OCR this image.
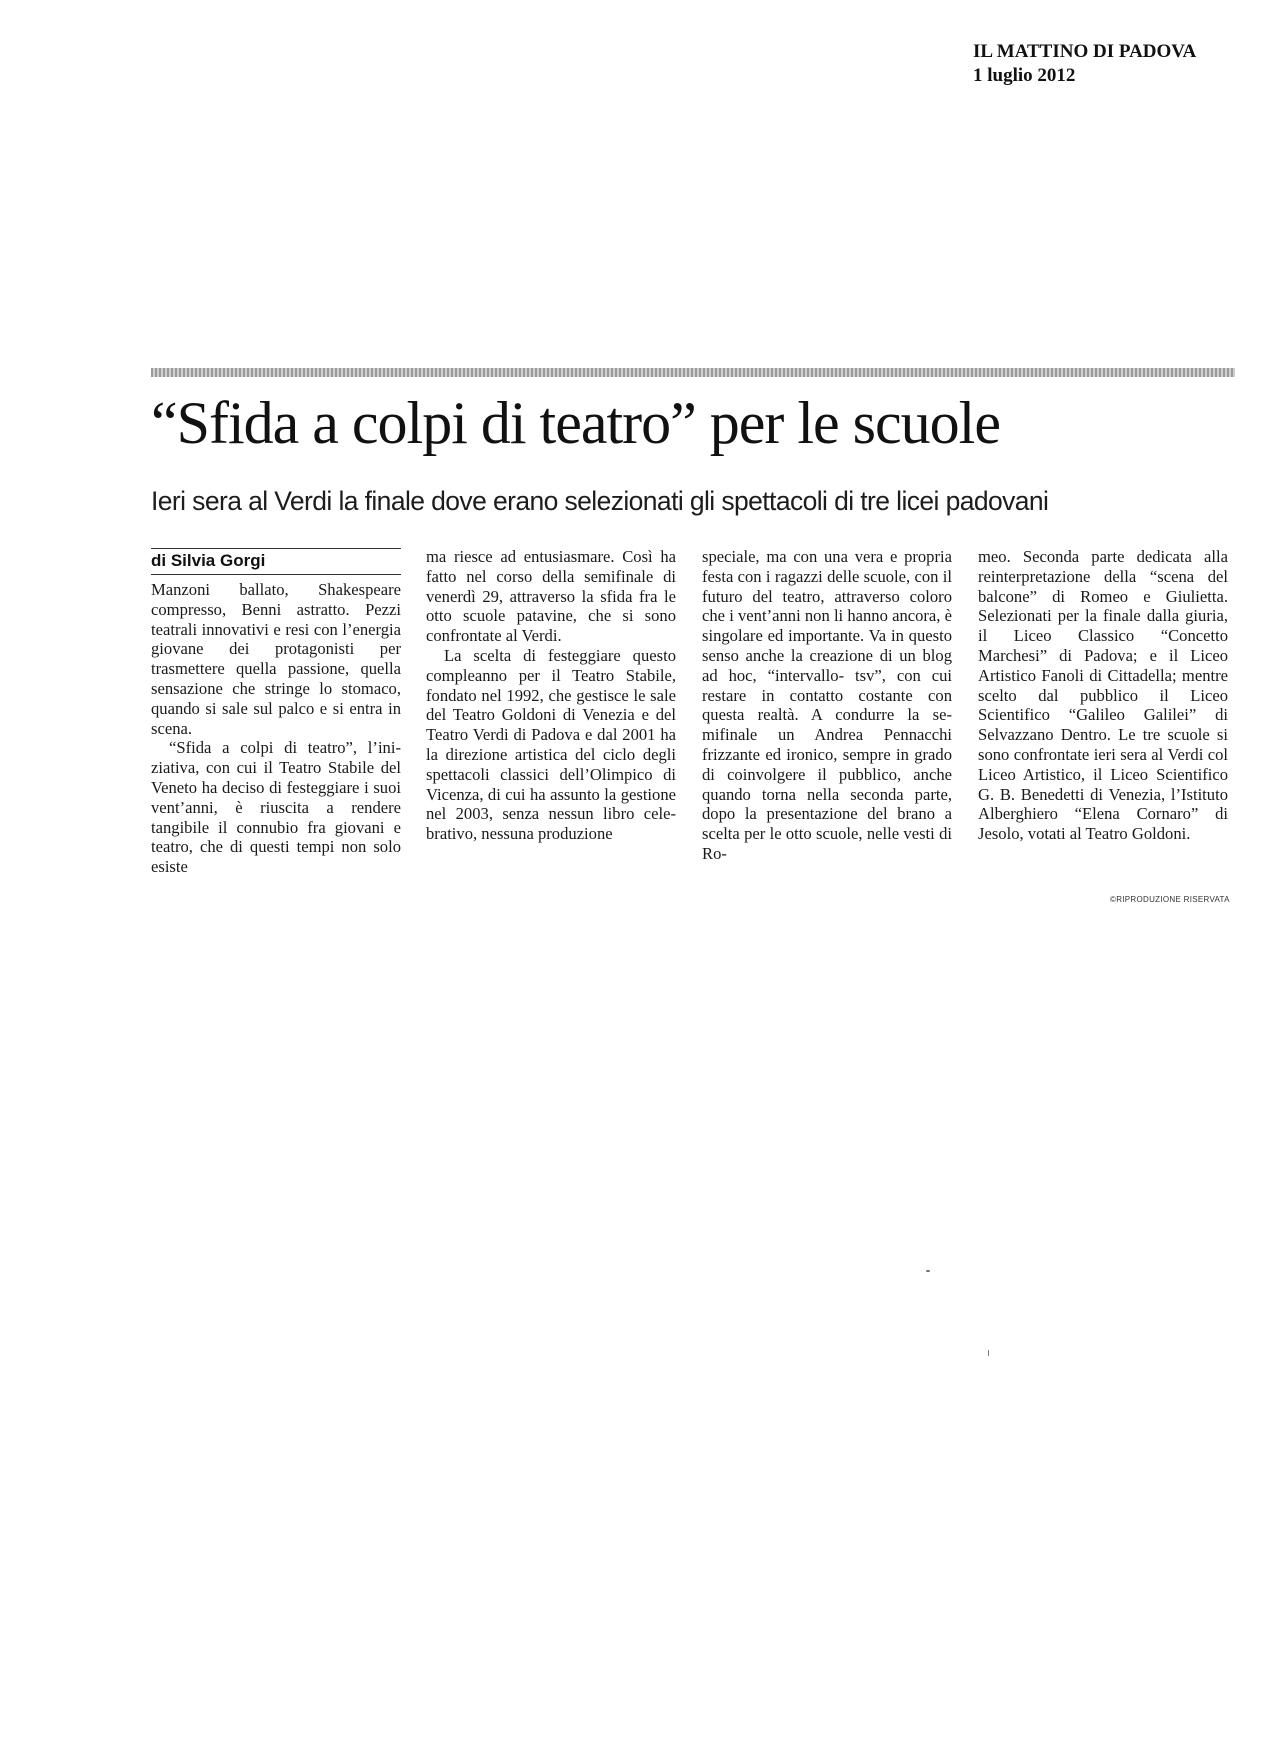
IL MATTINO DI PADOVA
1 luglio 2012
“Sfida a colpi di teatro” per le scuole
Ieri sera al Verdi la finale dove erano selezionati gli spettacoli di tre licei padovani
di Silvia Gorgi

Manzoni ballato, Shakespeare compresso, Benni astratto. Pezzi teatrali innovativi e resi con l’energia giovane dei protagonisti per trasmettere quella passione, quella sensazione che stringe lo stomaco, quando si sale sul palco e si entra in scena.

“Sfida a colpi di teatro”, l’iniziativa, con cui il Teatro Stabile del Veneto ha deciso di festeggiare i suoi vent’anni, è riuscita a rendere tangibile il connubio fra giovani e teatro, che di questi tempi non solo esiste

ma riesce ad entusiasmare. Così ha fatto nel corso della semifinale di venerdì 29, attraverso la sfida fra le otto scuole patavine, che si sono confrontate al Verdi.

La scelta di festeggiare questo compleanno per il Teatro Stabile, fondato nel 1992, che gestisce le sale del Teatro Goldoni di Venezia e del Teatro Verdi di Padova e dal 2001 ha la direzione artistica del ciclo degli spettacoli classici dell’Olimpico di Vicenza, di cui ha assunto la gestione nel 2003, senza nessun libro celebrativo, nessuna produzione

speciale, ma con una vera e propria festa con i ragazzi delle scuole, con il futuro del teatro, attraverso coloro che i vent’anni non li hanno ancora, è singolare ed importante. Va in questo senso anche la creazione di un blog ad hoc, “intervallo- tsv”, con cui restare in contatto costante con questa realtà. A condurre la semifinale un Andrea Pennacchi frizzante ed ironico, sempre in grado di coinvolgere il pubblico, anche quando torna nella seconda parte, dopo la presentazione del brano a scelta per le otto scuole, nelle vesti di Ro-

meo. Seconda parte dedicata alla reinterpretazione della “scena del balcone” di Romeo e Giulietta. Selezionati per la finale dalla giuria, il Liceo Classico “Concetto Marchesi” di Padova; e il Liceo Artistico Fanoli di Cittadella; mentre scelto dal pubblico il Liceo Scientifico “Galileo Galilei” di Selvazzano Dentro. Le tre scuole si sono confrontate ieri sera al Verdi col Liceo Artistico, il Liceo Scientifico G. B. Benedetti di Venezia, l’Istituto Alberghiero “Elena Cornaro” di Jesolo, votati al Teatro Goldoni.

©RIPRODUZIONE RISERVATA
